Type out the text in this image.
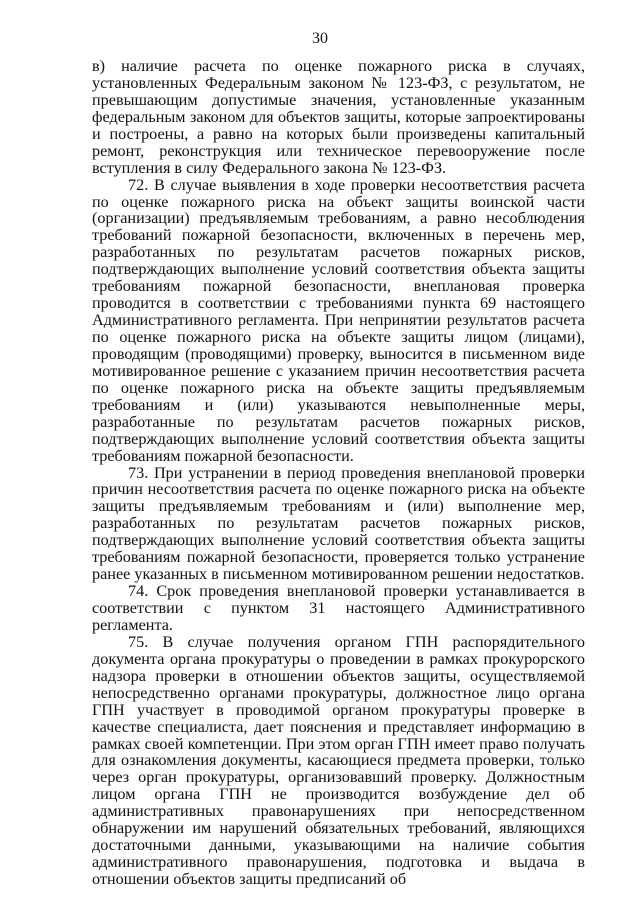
30

в) наличие расчета по оценке пожарного риска в случаях, установленных Федеральным законом № 123-ФЗ, с результатом, не превышающим допустимые значения, установленные указанным федеральным законом для объектов защиты, которые запроектированы и построены, а равно на которых были произведены капитальный ремонт, реконструкция или техническое перевооружение после вступления в силу Федерального закона № 123-ФЗ.

72. В случае выявления в ходе проверки несоответствия расчета по оценке пожарного риска на объект защиты воинской части (организации) предъявляемым требованиям, а равно несоблюдения требований пожарной безопасности, включенных в перечень мер, разработанных по результатам расчетов пожарных рисков, подтверждающих выполнение условий соответствия объекта защиты требованиям пожарной безопасности, внеплановая проверка проводится в соответствии с требованиями пункта 69 настоящего Административного регламента. При непринятии результатов расчета по оценке пожарного риска на объекте защиты лицом (лицами), проводящим (проводящими) проверку, выносится в письменном виде мотивированное решение с указанием причин несоответствия расчета по оценке пожарного риска на объекте защиты предъявляемым требованиям и (или) указываются невыполненные меры, разработанные по результатам расчетов пожарных рисков, подтверждающих выполнение условий соответствия объекта защиты требованиям пожарной безопасности.

73. При устранении в период проведения внеплановой проверки причин несоответствия расчета по оценке пожарного риска на объекте защиты предъявляемым требованиям и (или) выполнение мер, разработанных по результатам расчетов пожарных рисков, подтверждающих выполнение условий соответствия объекта защиты требованиям пожарной безопасности, проверяется только устранение ранее указанных в письменном мотивированном решении недостатков.

74. Срок проведения внеплановой проверки устанавливается в соответствии с пунктом 31 настоящего Административного регламента.

75. В случае получения органом ГПН распорядительного документа органа прокуратуры о проведении в рамках прокурорского надзора проверки в отношении объектов защиты, осуществляемой непосредственно органами прокуратуры, должностное лицо органа ГПН участвует в проводимой органом прокуратуры проверке в качестве специалиста, дает пояснения и представляет информацию в рамках своей компетенции. При этом орган ГПН имеет право получать для ознакомления документы, касающиеся предмета проверки, только через орган прокуратуры, организовавший проверку. Должностным лицом органа ГПН не производится возбуждение дел об административных правонарушениях при непосредственном обнаружении им нарушений обязательных требований, являющихся достаточными данными, указывающими на наличие события административного правонарушения, подготовка и выдача в отношении объектов защиты предписаний об
